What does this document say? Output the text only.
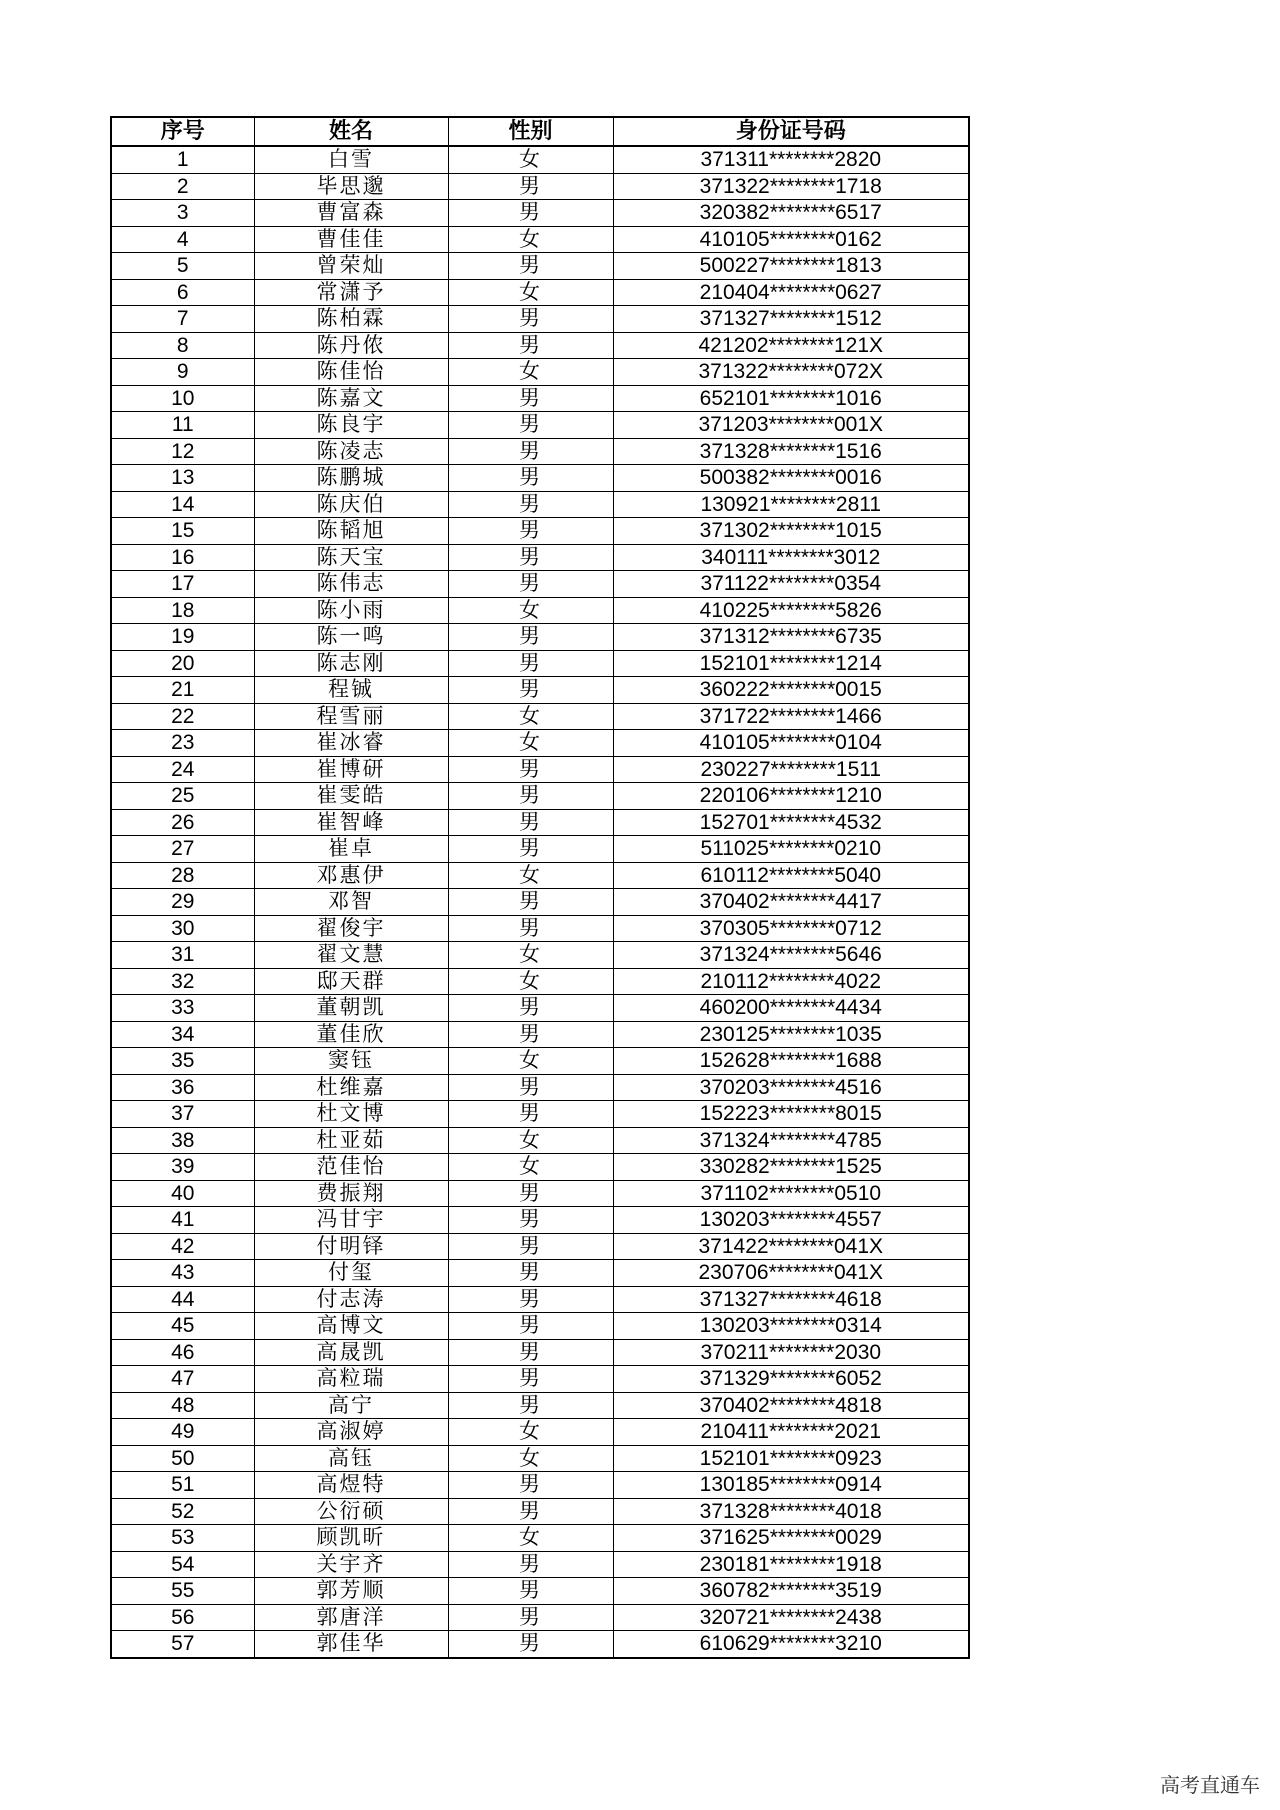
序号	姓名	性别	身份证号码
1	白雪	女	371311********2820
2	毕思邈	男	371322********1718
3	曹富森	男	320382********6517
4	曹佳佳	女	410105********0162
5	曾荣灿	男	500227********1813
6	常潇予	女	210404********0627
7	陈柏霖	男	371327********1512
8	陈丹侬	男	421202********121X
9	陈佳怡	女	371322********072X
10	陈嘉文	男	652101********1016
11	陈良宇	男	371203********001X
12	陈凌志	男	371328********1516
13	陈鹏城	男	500382********0016
14	陈庆伯	男	130921********2811
15	陈韬旭	男	371302********1015
16	陈天宝	男	340111********3012
17	陈伟志	男	371122********0354
18	陈小雨	女	410225********5826
19	陈一鸣	男	371312********6735
20	陈志刚	男	152101********1214
21	程铖	男	360222********0015
22	程雪丽	女	371722********1466
23	崔冰睿	女	410105********0104
24	崔博研	男	230227********1511
25	崔雯皓	男	220106********1210
26	崔智峰	男	152701********4532
27	崔卓	男	511025********0210
28	邓惠伊	女	610112********5040
29	邓智	男	370402********4417
30	翟俊宇	男	370305********0712
31	翟文慧	女	371324********5646
32	邸天群	女	210112********4022
33	董朝凯	男	460200********4434
34	董佳欣	男	230125********1035
35	窦钰	女	152628********1688
36	杜维嘉	男	370203********4516
37	杜文博	男	152223********8015
38	杜亚茹	女	371324********4785
39	范佳怡	女	330282********1525
40	费振翔	男	371102********0510
41	冯甘宇	男	130203********4557
42	付明铎	男	371422********041X
43	付玺	男	230706********041X
44	付志涛	男	371327********4618
45	高博文	男	130203********0314
46	高晟凯	男	370211********2030
47	高粒瑞	男	371329********6052
48	高宁	男	370402********4818
49	高淑婷	女	210411********2021
50	高钰	女	152101********0923
51	高煜特	男	130185********0914
52	公衍硕	男	371328********4018
53	顾凯昕	女	371625********0029
54	关宇齐	男	230181********1918
55	郭芳顺	男	360782********3519
56	郭唐洋	男	320721********2438
57	郭佳华	男	610629********3210
高考直通车
